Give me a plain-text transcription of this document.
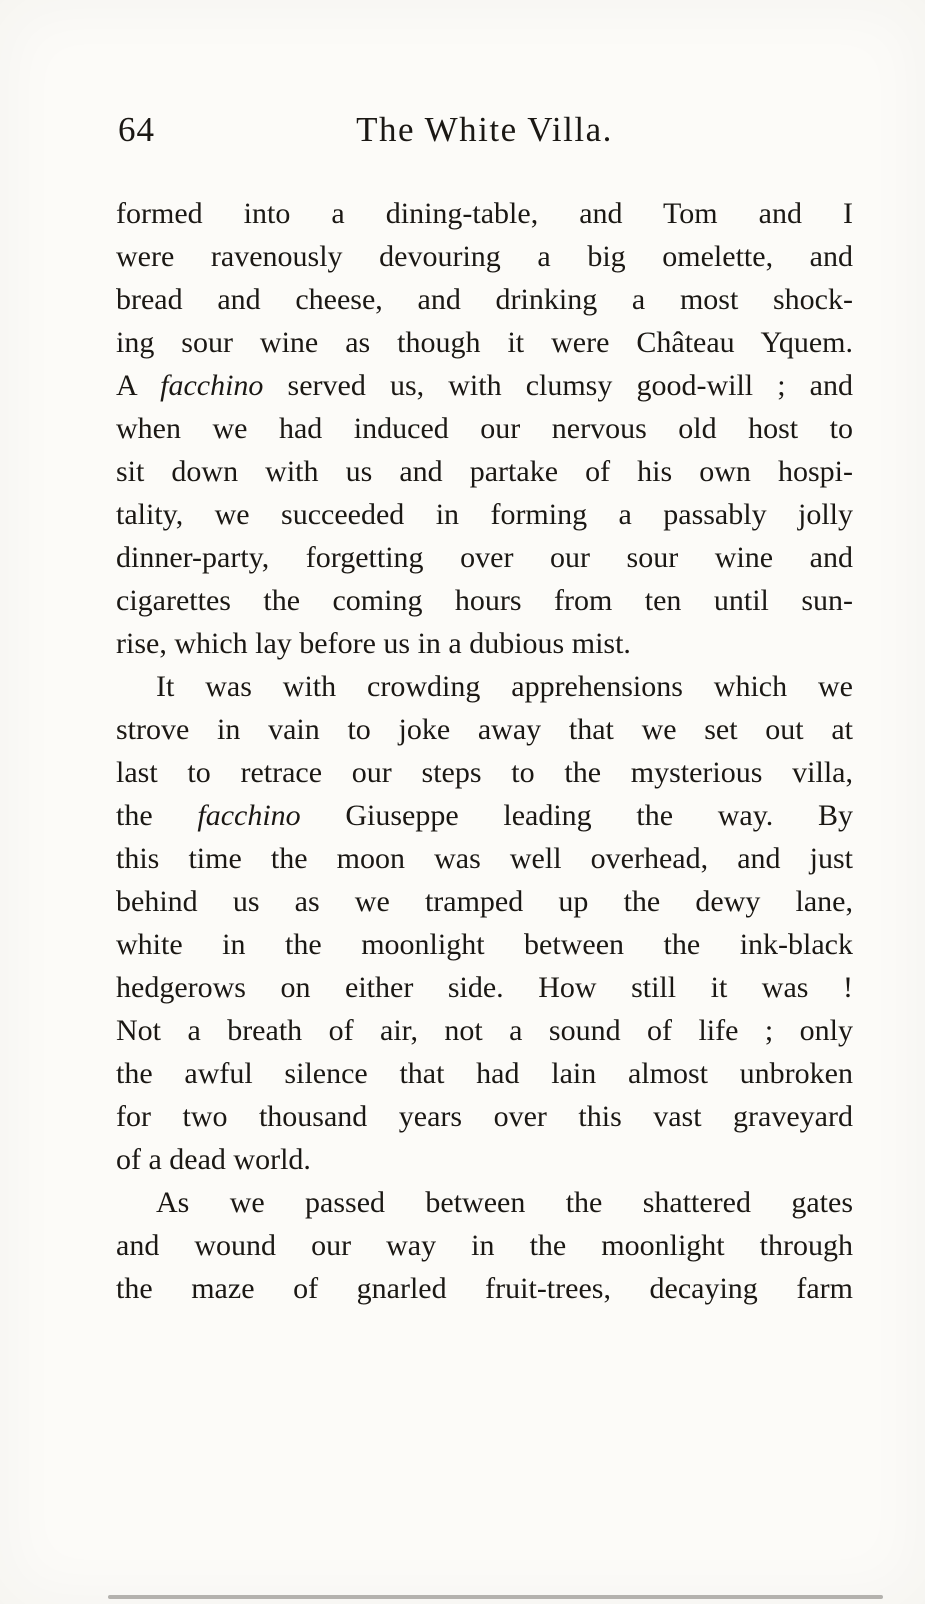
64	The White Villa.
formed into a dining-table, and Tom and I
were ravenously devouring a big omelette, and
bread and cheese, and drinking a most shock-
ing sour wine as though it were Château Yquem.
A facchino served us, with clumsy good-will ; and
when we had induced our nervous old host to
sit down with us and partake of his own hospi-
tality, we succeeded in forming a passably jolly
dinner-party, forgetting over our sour wine and
cigarettes the coming hours from ten until sun-
rise, which lay before us in a dubious mist.
It was with crowding apprehensions which we
strove in vain to joke away that we set out at
last to retrace our steps to the mysterious villa,
the facchino Giuseppe leading the way. By
this time the moon was well overhead, and just
behind us as we tramped up the dewy lane,
white in the moonlight between the ink-black
hedgerows on either side. How still it was !
Not a breath of air, not a sound of life ; only
the awful silence that had lain almost unbroken
for two thousand years over this vast graveyard
of a dead world.
As we passed between the shattered gates
and wound our way in the moonlight through
the maze of gnarled fruit-trees, decaying farm
